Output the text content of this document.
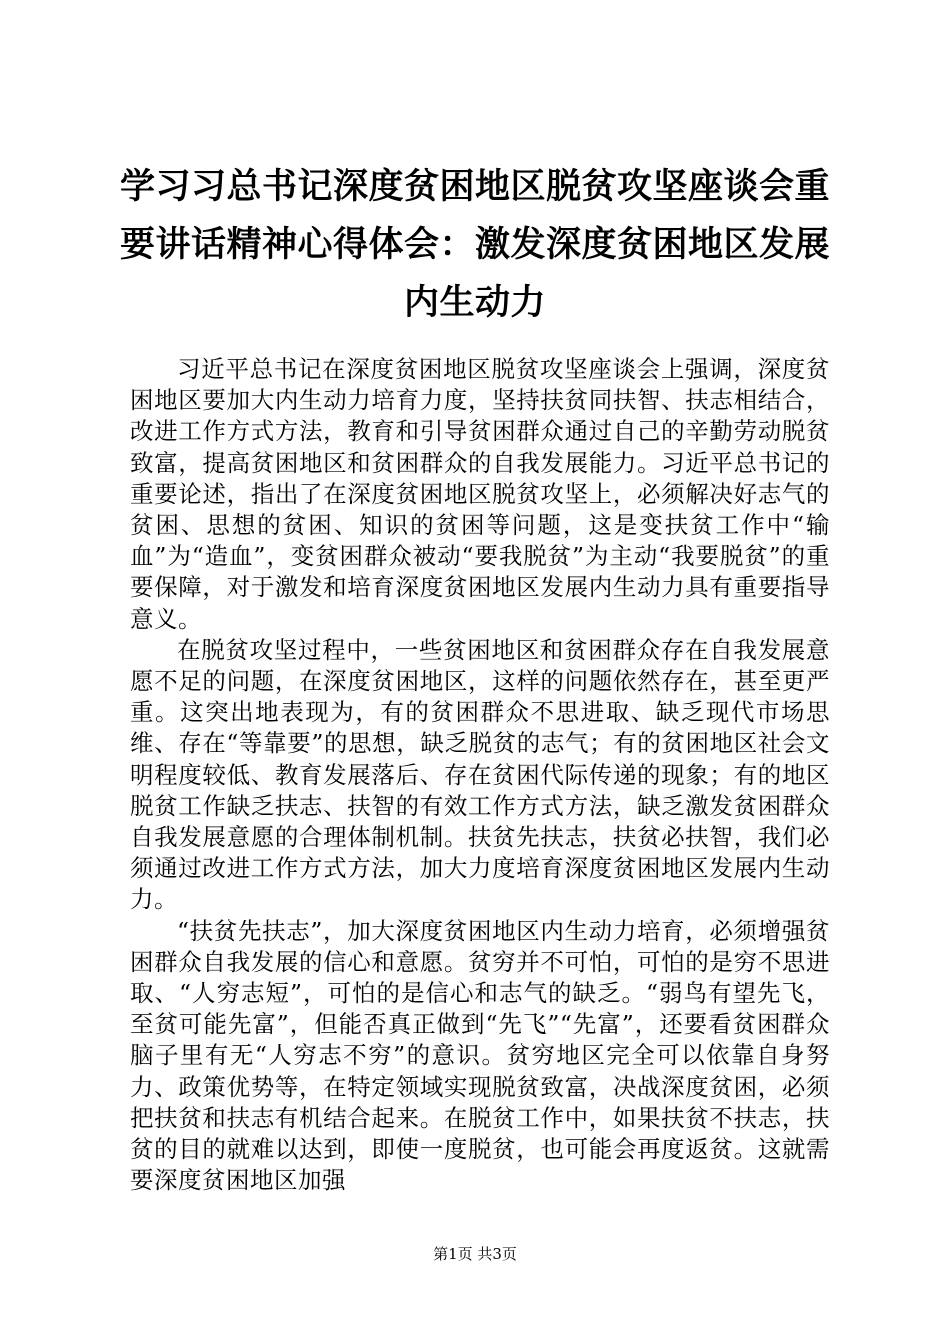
学习习总书记深度贫困地区脱贫攻坚座谈会重要讲话精神心得体会：激发深度贫困地区发展内生动力

习近平总书记在深度贫困地区脱贫攻坚座谈会上强调，深度贫困地区要加大内生动力培育力度，坚持扶贫同扶智、扶志相结合，改进工作方式方法，教育和引导贫困群众通过自己的辛勤劳动脱贫致富，提高贫困地区和贫困群众的自我发展能力。习近平总书记的重要论述，指出了在深度贫困地区脱贫攻坚上，必须解决好志气的贫困、思想的贫困、知识的贫困等问题，这是变扶贫工作中“输血”为“造血”，变贫困群众被动“要我脱贫”为主动“我要脱贫”的重要保障，对于激发和培育深度贫困地区发展内生动力具有重要指导意义。

在脱贫攻坚过程中，一些贫困地区和贫困群众存在自我发展意愿不足的问题，在深度贫困地区，这样的问题依然存在，甚至更严重。这突出地表现为，有的贫困群众不思进取、缺乏现代市场思维、存在“等靠要”的思想，缺乏脱贫的志气；有的贫困地区社会文明程度较低、教育发展落后、存在贫困代际传递的现象；有的地区脱贫工作缺乏扶志、扶智的有效工作方式方法，缺乏激发贫困群众自我发展意愿的合理体制机制。扶贫先扶志，扶贫必扶智，我们必须通过改进工作方式方法，加大力度培育深度贫困地区发展内生动力。

“扶贫先扶志”，加大深度贫困地区内生动力培育，必须增强贫困群众自我发展的信心和意愿。贫穷并不可怕，可怕的是穷不思进取、“人穷志短”，可怕的是信心和志气的缺乏。“弱鸟有望先飞，至贫可能先富”，但能否真正做到“先飞”“先富”，还要看贫困群众脑子里有无“人穷志不穷”的意识。贫穷地区完全可以依靠自身努力、政策优势等，在特定领域实现脱贫致富，决战深度贫困，必须把扶贫和扶志有机结合起来。在脱贫工作中，如果扶贫不扶志，扶贫的目的就难以达到，即使一度脱贫，也可能会再度返贫。这就需要深度贫困地区加强

第1页 共3页
